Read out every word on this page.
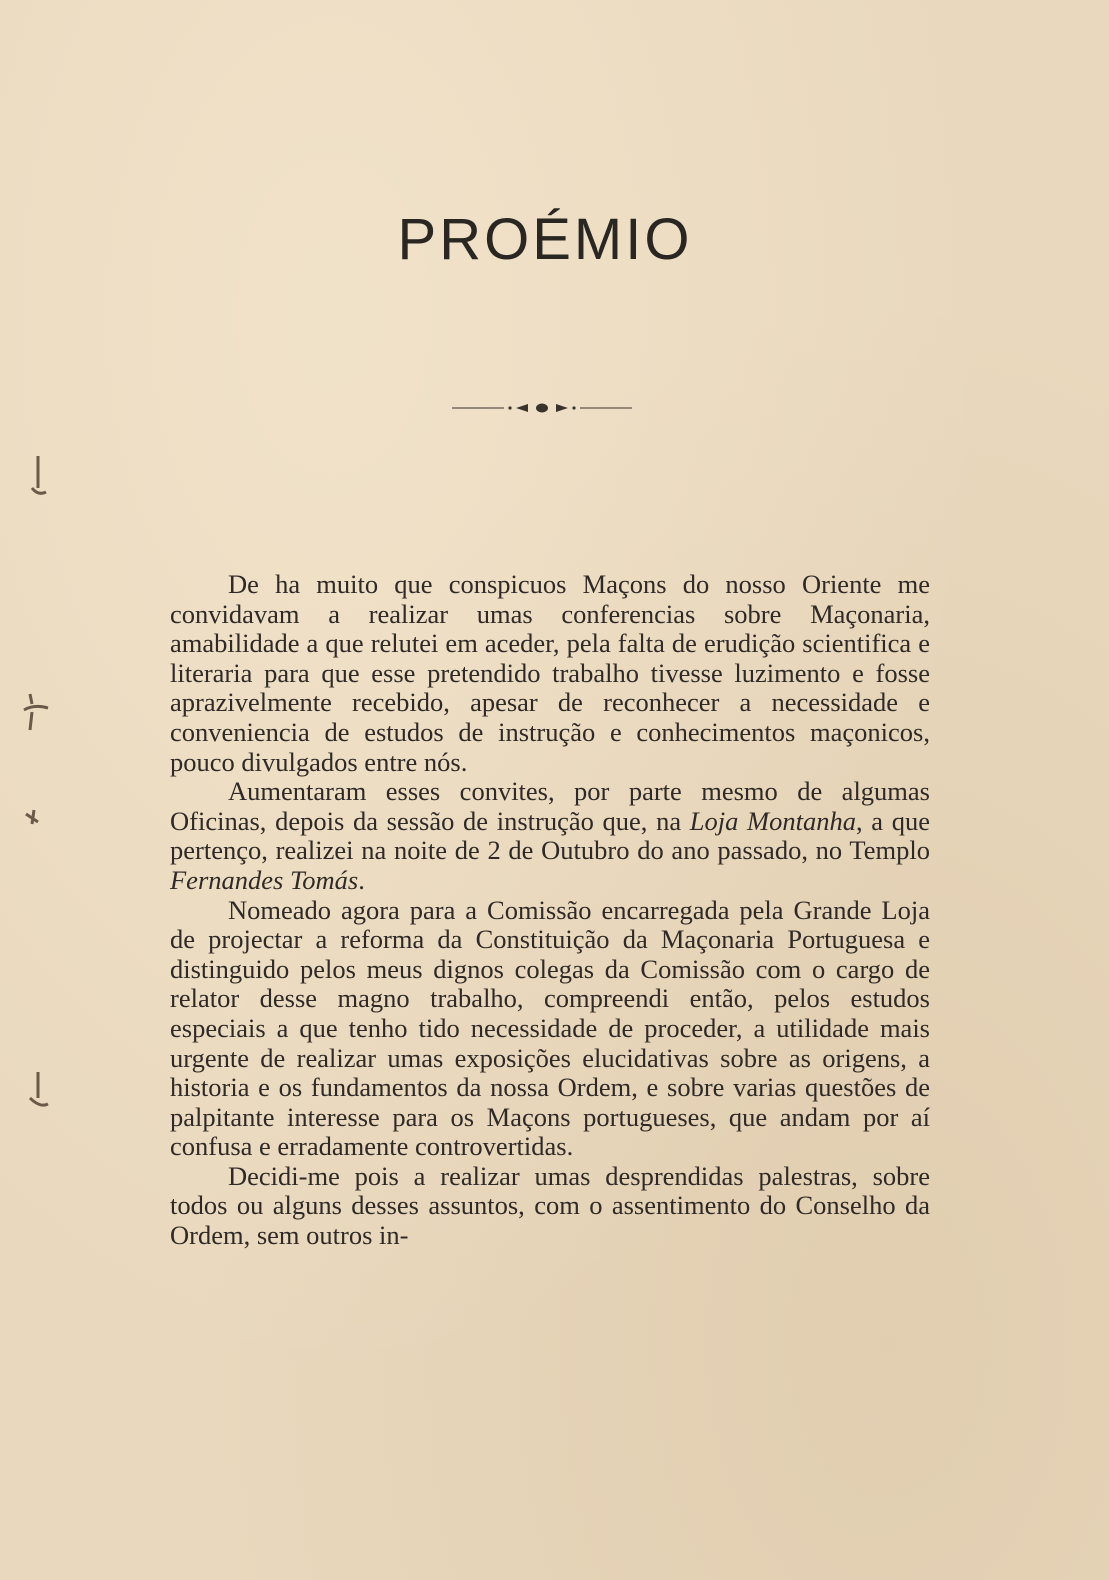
PROÉMIO

De ha muito que conspicuos Maçons do nosso Oriente me convidavam a realizar umas conferencias sobre Maçonaria, amabilidade a que relutei em aceder, pela falta de erudição scientifica e literaria para que esse pretendido trabalho tivesse luzimento e fosse aprazivelmente recebido, apesar de reconhecer a necessidade e conveniencia de estudos de instrução e conhecimentos maçonicos, pouco divulgados entre nós.

Aumentaram esses convites, por parte mesmo de algumas Oficinas, depois da sessão de instrução que, na Loja Montanha, a que pertenço, realizei na noite de 2 de Outubro do ano passado, no Templo Fernandes Tomás.

Nomeado agora para a Comissão encarregada pela Grande Loja de projectar a reforma da Constituição da Maçonaria Portuguesa e distinguido pelos meus dignos colegas da Comissão com o cargo de relator desse magno trabalho, compreendi então, pelos estudos especiais a que tenho tido necessidade de proceder, a utilidade mais urgente de realizar umas exposições elucidativas sobre as origens, a historia e os fundamentos da nossa Ordem, e sobre varias questões de palpitante interesse para os Maçons portugueses, que andam por aí confusa e erradamente controvertidas.

Decidi-me pois a realizar umas desprendidas palestras, sobre todos ou alguns desses assuntos, com o assentimento do Conselho da Ordem, sem outros in-
